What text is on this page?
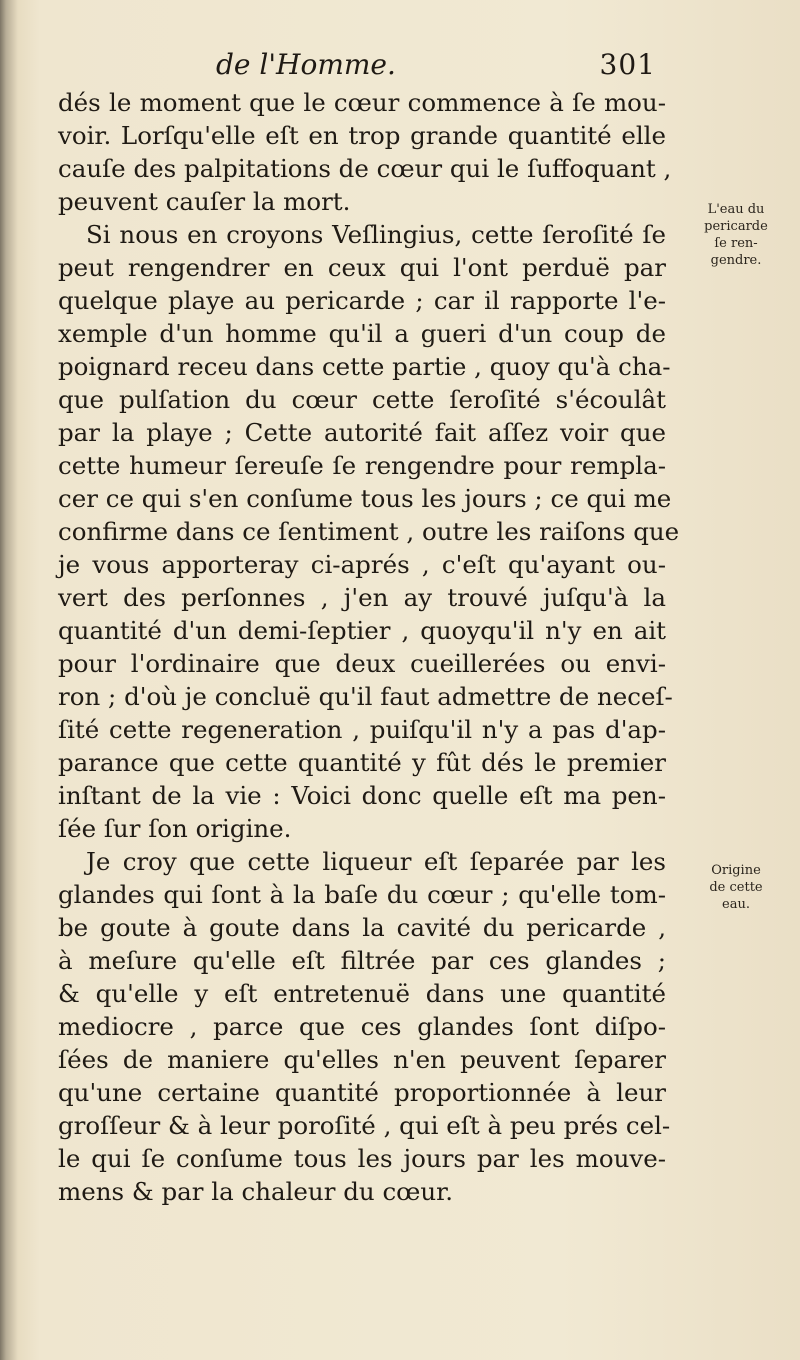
de l'Homme.	301
dés le moment que le cœur commence à ſe mou-
voir. Lorſqu'elle eſt en trop grande quantité elle
cauſe des palpitations de cœur qui le ſuffoquant ,
peuvent cauſer la mort.
Si nous en croyons Veſlingius, cette ſeroſité ſe
peut rengendrer en ceux qui l'ont perduë par
quelque playe au pericarde ; car il rapporte l'e-
xemple d'un homme qu'il a gueri d'un coup de
poignard receu dans cette partie , quoy qu'à cha-
que pulſation du cœur cette ſeroſité s'écoulât
par la playe ; Cette autorité fait aſſez voir que
cette humeur ſereuſe ſe rengendre pour rempla-
cer ce qui s'en conſume tous les jours ; ce qui me
confirme dans ce ſentiment , outre les raiſons que
je vous apporteray ci-aprés , c'eſt qu'ayant ou-
vert des perſonnes , j'en ay trouvé juſqu'à la
quantité d'un demi-ſeptier , quoyqu'il n'y en ait
pour l'ordinaire que deux cueillerées ou envi-
ron ; d'où je concluë qu'il faut admettre de neceſ-
ſité cette regeneration , puiſqu'il n'y a pas d'ap-
parance que cette quantité y fût dés le premier
inſtant de la vie : Voici donc quelle eſt ma pen-
ſée ſur ſon origine.
Je croy que cette liqueur eſt ſeparée par les
glandes qui ſont à la baſe du cœur ; qu'elle tom-
be goute à goute dans la cavité du pericarde ,
à meſure qu'elle eſt filtrée par ces glandes ;
& qu'elle y eſt entretenuë dans une quantité
mediocre , parce que ces glandes ſont diſpo-
ſées de maniere qu'elles n'en peuvent ſeparer
qu'une certaine quantité proportionnée à leur
groſſeur & à leur poroſité , qui eſt à peu prés cel-
le qui ſe conſume tous les jours par les mouve-
mens & par la chaleur du cœur.
L'eau du
pericarde
ſe ren-
gendre.
Origine
de cette
eau.
